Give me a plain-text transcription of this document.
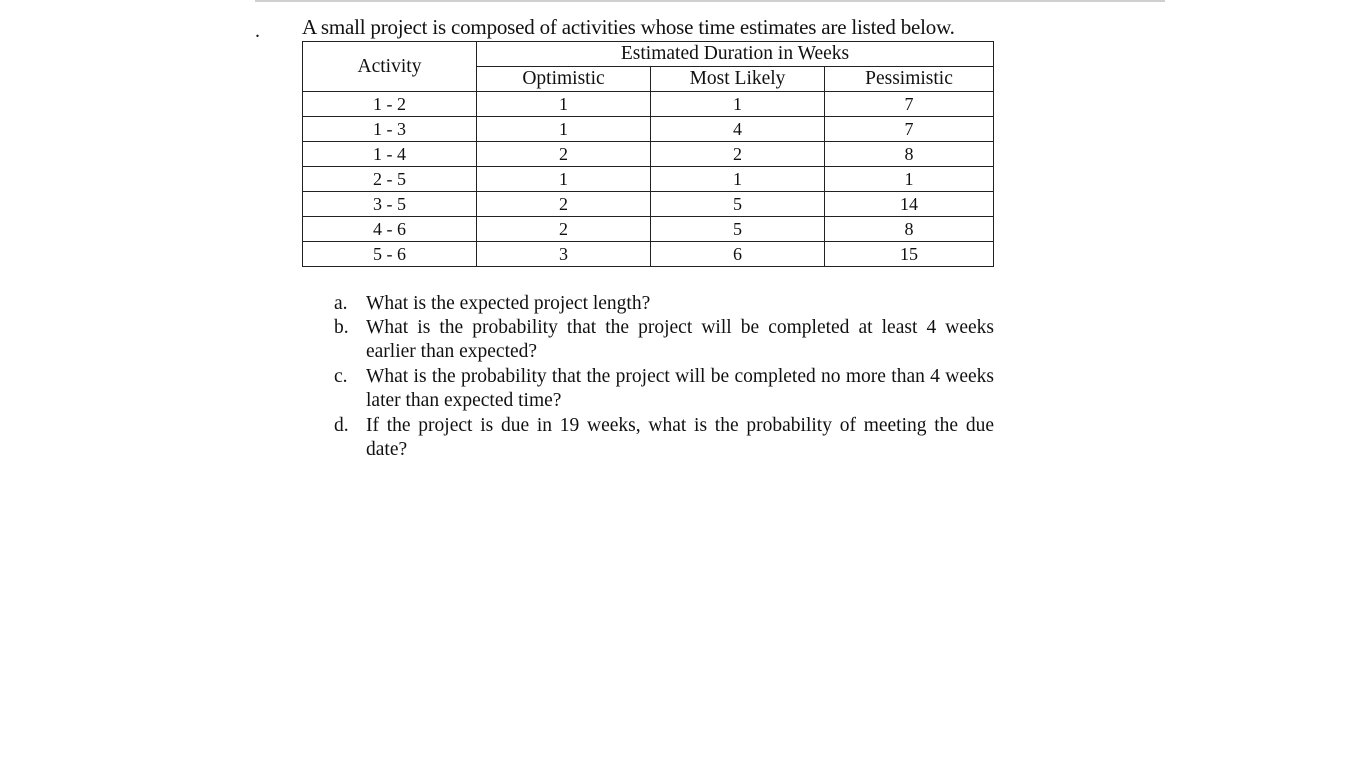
. A small project is composed of activities whose time estimates are listed below.
Activity	Estimated Duration in Weeks		
	Optimistic	Most Likely	Pessimistic
1 - 2	1	1	7
1 - 3	1	4	7
1 - 4	2	2	8
2 - 5	1	1	1
3 - 5	2	5	14
4 - 6	2	5	8
5 - 6	3	6	15
a. What is the expected project length?
b. What is the probability that the project will be completed at least 4 weeks earlier than expected?
c. What is the probability that the project will be completed no more than 4 weeks later than expected time?
d. If the project is due in 19 weeks, what is the probability of meeting the due date?
